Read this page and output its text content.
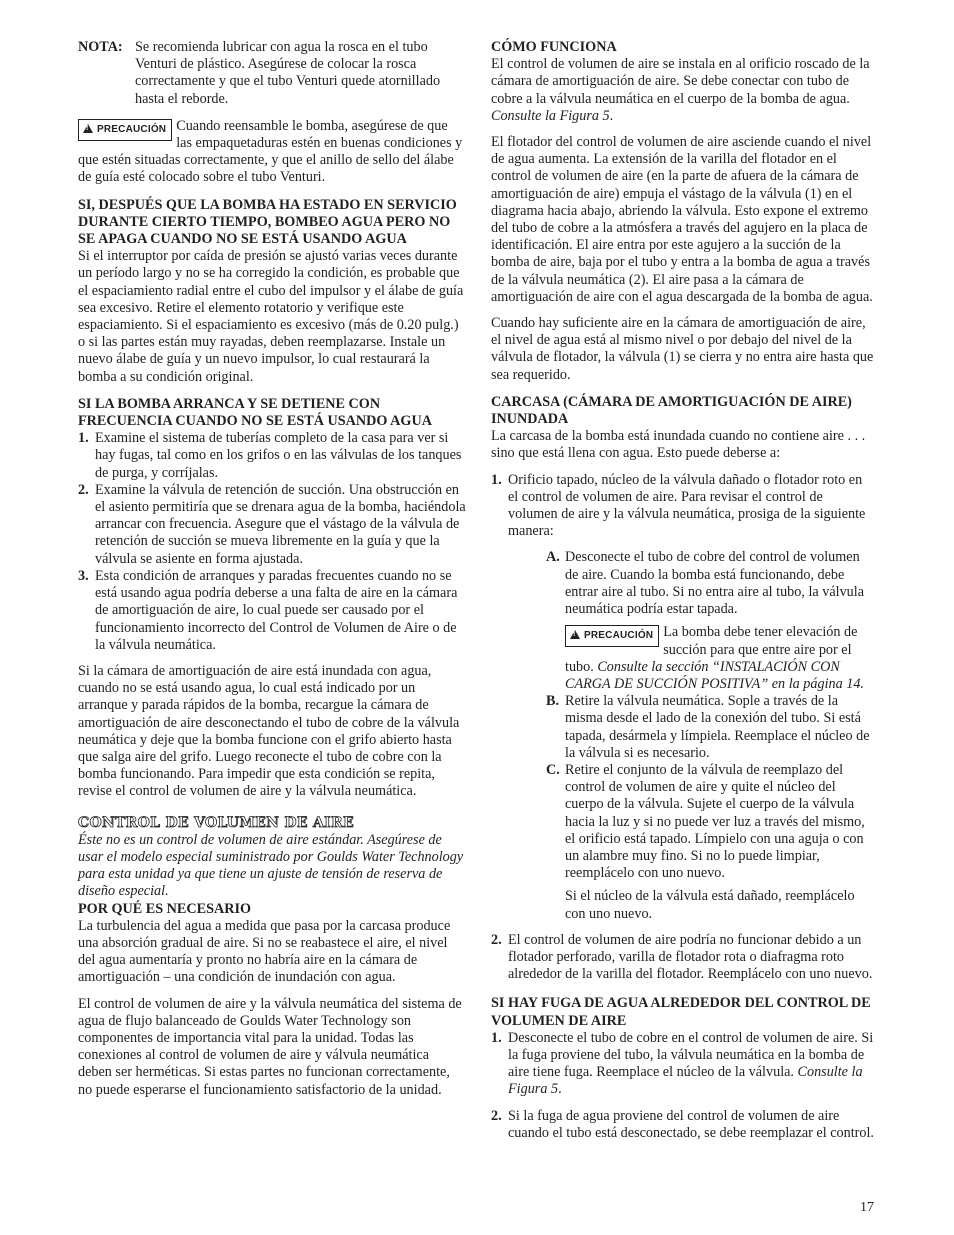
NOTA: Se recomienda lubricar con agua la rosca en el tubo Venturi de plástico. Asegúrese de colocar la rosca correctamente y que el tubo Venturi quede atornillado hasta el reborde.
!PRECAUCIÓN Cuando reensamble le bomba, asegúrese de que las empaquetaduras estén en buenas condiciones y que estén situadas correctamente, y que el anillo de sello del álabe de guía esté colocado sobre el tubo Venturi.

SI, DESPUÉS QUE LA BOMBA HA ESTADO EN SERVICIO DURANTE CIERTO TIEMPO, BOMBEO AGUA PERO NO SE APAGA CUANDO NO SE ESTÁ USANDO AGUA

Si el interruptor por caída de presión se ajustó varias veces durante un período largo y no se ha corregido la condición, es probable que el espaciamiento radial entre el cubo del impulsor y el álabe de guía sea excesivo. Retire el elemento rotatorio y verifique este espaciamiento. Si el espaciamiento es excesivo (más de 0.20 pulg.) o si las partes están muy rayadas, deben reemplazarse. Instale un nuevo álabe de guía y un nuevo impulsor, lo cual restaurará la bomba a su condición original.

SI LA BOMBA ARRANCA Y SE DETIENE CON FRECUENCIA CUANDO NO SE ESTÁ USANDO AGUA

1. Examine el sistema de tuberías completo de la casa para ver si hay fugas, tal como en los grifos o en las válvulas de los tanques de purga, y corríjalas.
2. Examine la válvula de retención de succión. Una obstrucción en el asiento permitiría que se drenara agua de la bomba, haciéndola arrancar con frecuencia. Asegure que el vástago de la válvula de retención de succión se mueva libremente en la guía y que la válvula se asiente en forma ajustada.
3. Esta condición de arranques y paradas frecuentes cuando no se está usando agua podría deberse a una falta de aire en la cámara de amortiguación de aire, lo cual puede ser causado por el funcionamiento incorrecto del Control de Volumen de Aire o de la válvula neumática.

Si la cámara de amortiguación de aire está inundada con agua, cuando no se está usando agua, lo cual está indicado por un arranque y parada rápidos de la bomba, recargue la cámara de amortiguación de aire desconectando el tubo de cobre de la válvula neumática y deje que la bomba funcione con el grifo abierto hasta que salga aire del grifo. Luego reconecte el tubo de cobre con la bomba funcionando. Para impedir que esta condición se repita, revise el control de volumen de aire y la válvula neumática.

CONTROL DE VOLUMEN DE AIRE

Éste no es un control de volumen de aire estándar. Asegúrese de usar el modelo especial suministrado por Goulds Water Technology para esta unidad ya que tiene un ajuste de tensión de reserva de diseño especial.

POR QUÉ ES NECESARIO

La turbulencia del agua a medida que pasa por la carcasa produce una absorción gradual de aire. Si no se reabastece el aire, el nivel del agua aumentaría y pronto no habría aire en la cámara de amortiguación – una condición de inundación con agua.

El control de volumen de aire y la válvula neumática del sistema de agua de flujo balanceado de Goulds Water Technology son componentes de importancia vital para la unidad. Todas las conexiones al control de volumen de aire y válvula neumática deben ser herméticas. Si estas partes no funcionan correctamente, no puede esperarse el funcionamiento satisfactorio de la unidad.

CÓMO FUNCIONA

El control de volumen de aire se instala en al orificio roscado de la cámara de amortiguación de aire. Se debe conectar con tubo de cobre a la válvula neumática en el cuerpo de la bomba de agua. Consulte la Figura 5.

El flotador del control de volumen de aire asciende cuando el nivel de agua aumenta. La extensión de la varilla del flotador en el control de volumen de aire (en la parte de afuera de la cámara de amortiguación de aire) empuja el vástago de la válvula (1) en el diagrama hacia abajo, abriendo la válvula. Esto expone el extremo del tubo de cobre a la atmósfera a través del agujero en la placa de identificación. El aire entra por este agujero a la succión de la bomba de aire, baja por el tubo y entra a la bomba de agua a través de la válvula neumática (2). El aire pasa a la cámara de amortiguación de aire con el agua descargada de la bomba de agua.

Cuando hay suficiente aire en la cámara de amortiguación de aire, el nivel de agua está al mismo nivel o por debajo del nivel de la válvula de flotador, la válvula (1) se cierra y no entra aire hasta que sea requerido.

CARCASA (CÁMARA DE AMORTIGUACIÓN DE AIRE) INUNDADA

La carcasa de la bomba está inundada cuando no contiene aire . . . sino que está llena con agua. Esto puede deberse a:

1. Orificio tapado, núcleo de la válvula dañado o flotador roto en el control de volumen de aire. Para revisar el control de volumen de aire y la válvula neumática, prosiga de la siguiente manera:
A. Desconecte el tubo de cobre del control de volumen de aire. Cuando la bomba está funcionando, debe entrar aire al tubo. Si no entra aire al tubo, la válvula neumática podría estar tapada.
!PRECAUCIÓN La bomba debe tener elevación de succión para que entre aire por el tubo. Consulte la sección “INSTALACIÓN CON CARGA DE SUCCIÓN POSITIVA” en la página 14.
B. Retire la válvula neumática. Sople a través de la misma desde el lado de la conexión del tubo. Si está tapada, desármela y límpiela. Reemplace el núcleo de la válvula si es necesario.
C. Retire el conjunto de la válvula de reemplazo del control de volumen de aire y quite el núcleo del cuerpo de la válvula. Sujete el cuerpo de la válvula hacia la luz y si no puede ver luz a través del mismo, el orificio está tapado. Límpielo con una aguja o con un alambre muy fino. Si no lo puede limpiar, reemplácelo con uno nuevo.
Si el núcleo de la válvula está dañado, reemplácelo con uno nuevo.
2. El control de volumen de aire podría no funcionar debido a un flotador perforado, varilla de flotador rota o diafragma roto alrededor de la varilla del flotador. Reemplácelo con uno nuevo.

SI HAY FUGA DE AGUA ALREDEDOR DEL CONTROL DE VOLUMEN DE AIRE

1. Desconecte el tubo de cobre en el control de volumen de aire. Si la fuga proviene del tubo, la válvula neumática en la bomba de aire tiene fuga. Reemplace el núcleo de la válvula. Consulte la Figura 5.
2. Si la fuga de agua proviene del control de volumen de aire cuando el tubo está desconectado, se debe reemplazar el control.
17
